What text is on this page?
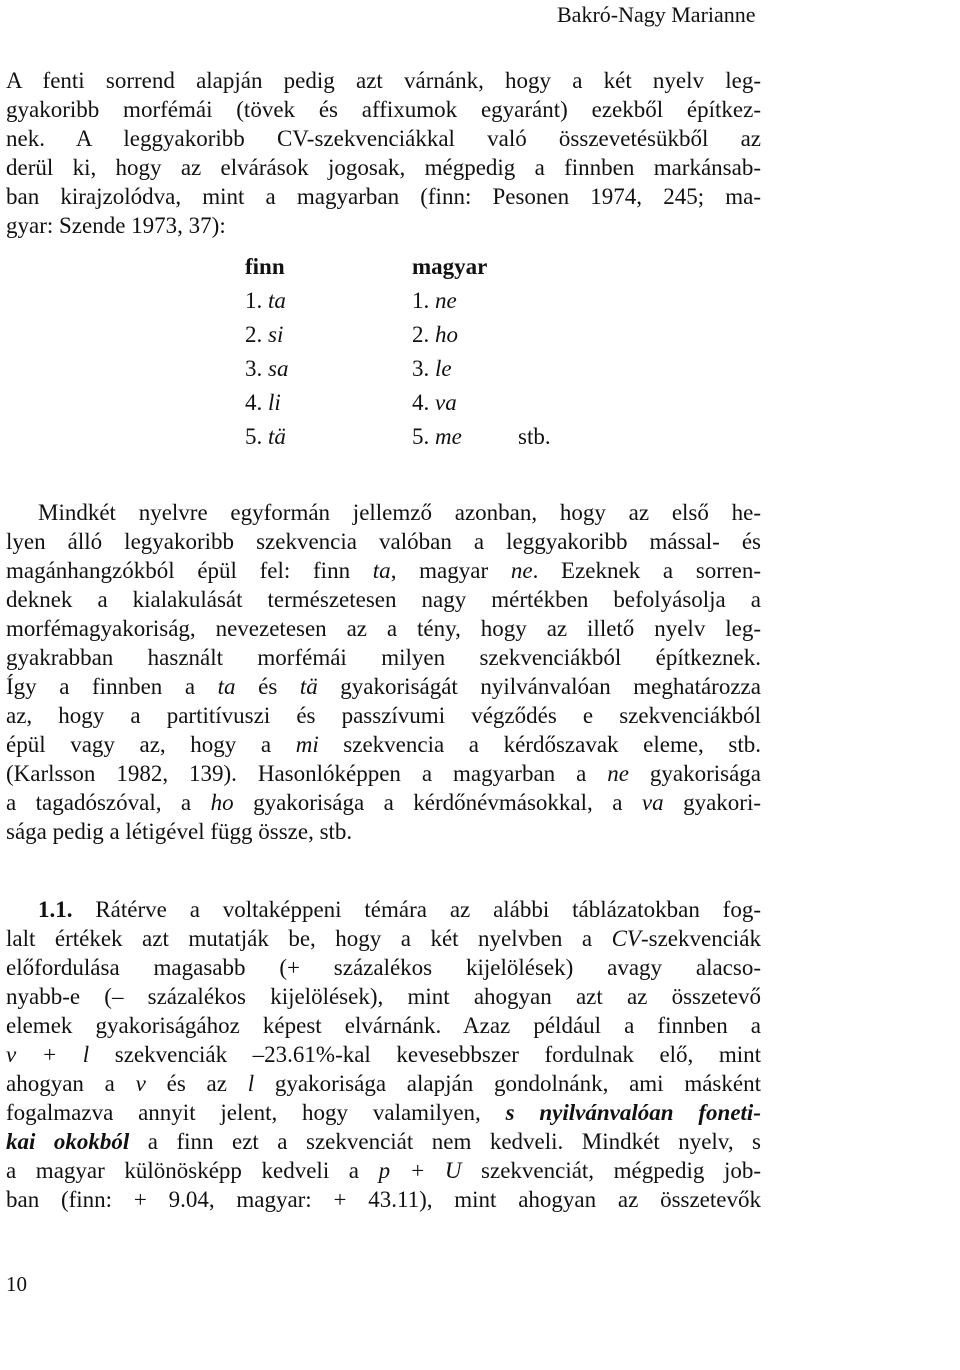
Bakró-Nagy Marianne
A fenti sorrend alapján pedig azt várnánk, hogy a két nyelv leg-
gyakoribb morfémái (tövek és affixumok egyaránt) ezekből építkez-
nek. A leggyakoribb CV-szekvenciákkal való összevetésükből az
derül ki, hogy az elvárások jogosak, mégpedig a finnben markánsab-
ban kirajzolódva, mint a magyarban (finn: Pesonen 1974, 245; ma-
gyar: Szende 1973, 37):
finn	magyar
1. ta	1. ne
2. si	2. ho
3. sa	3. le
4. li	4. va
5. tä	5. me stb.
Mindkét nyelvre egyformán jellemző azonban, hogy az első he-
lyen álló legyakoribb szekvencia valóban a leggyakoribb mással- és
magánhangzókból épül fel: finn ta, magyar ne. Ezeknek a sorren-
deknek a kialakulását természetesen nagy mértékben befolyásolja a
morfémagyakoriság, nevezetesen az a tény, hogy az illető nyelv leg-
gyakrabban használt morfémái milyen szekvenciákból építkeznek.
Így a finnben a ta és tä gyakoriságát nyilvánvalóan meghatározza
az, hogy a partitívuszi és passzívumi végződés e szekvenciákból
épül vagy az, hogy a mi szekvencia a kérdőszavak eleme, stb.
(Karlsson 1982, 139). Hasonlóképpen a magyarban a ne gyakorisága
a tagadószóval, a ho gyakorisága a kérdőnévmásokkal, a va gyakori-
sága pedig a létigével függ össze, stb.
1.1. Rátérve a voltaképpeni témára az alábbi táblázatokban fog-
lalt értékek azt mutatják be, hogy a két nyelvben a CV-szekvenciák
előfordulása magasabb (+ százalékos kijelölések) avagy alacso-
nyabb-e (– százalékos kijelölések), mint ahogyan azt az összetevő
elemek gyakoriságához képest elvárnánk. Azaz például a finnben a
v + l szekvenciák –23.61%-kal kevesebbszer fordulnak elő, mint
ahogyan a v és az l gyakorisága alapján gondolnánk, ami másként
fogalmazva annyit jelent, hogy valamilyen, s nyilvánvalóan foneti-
kai okokból a finn ezt a szekvenciát nem kedveli. Mindkét nyelv, s
a magyar különösképp kedveli a p + U szekvenciát, mégpedig job-
ban (finn: + 9.04, magyar: + 43.11), mint ahogyan az összetevők
10
